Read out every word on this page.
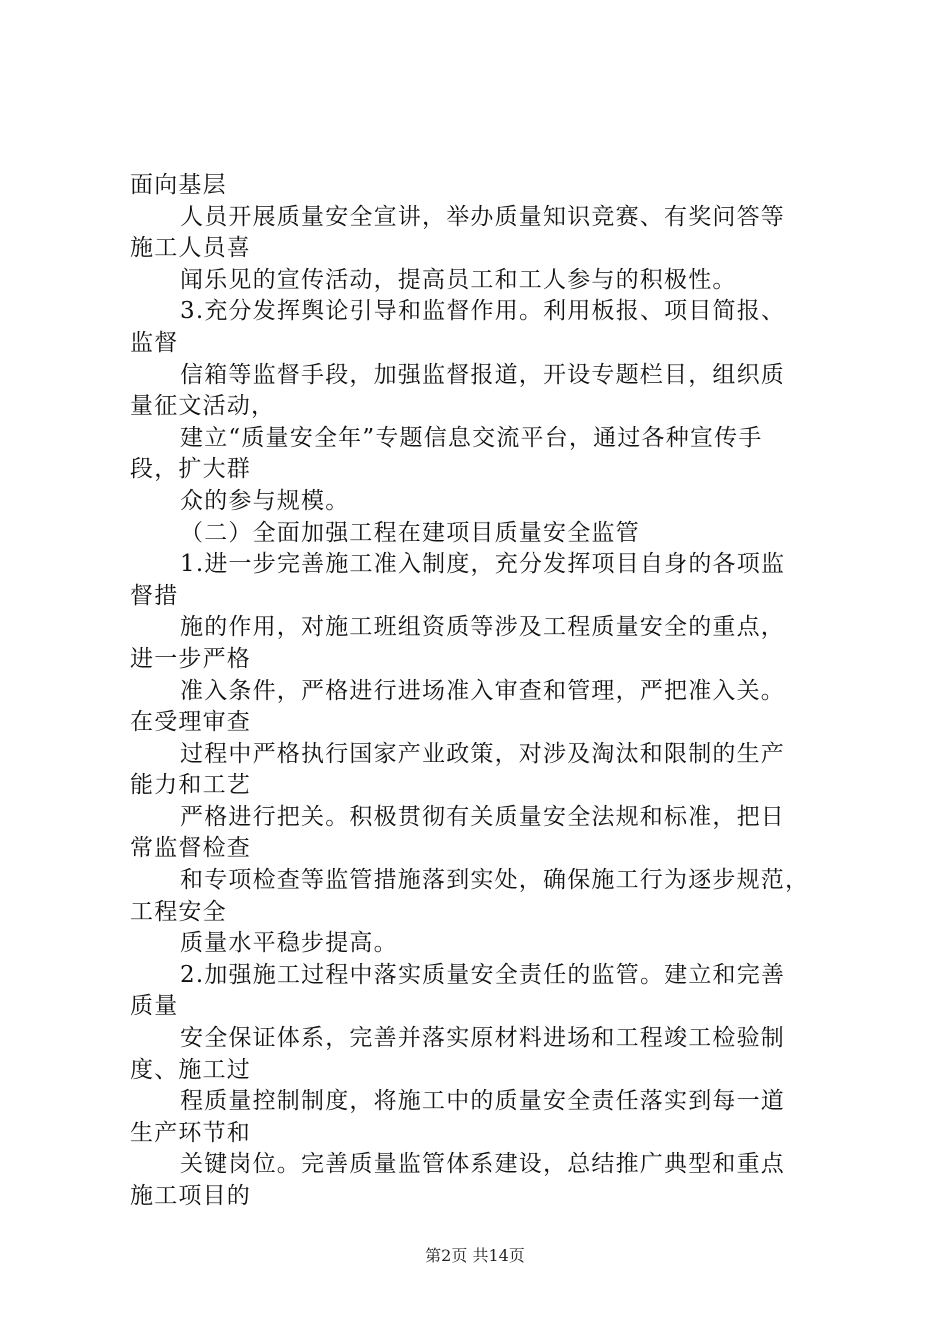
面向基层
人员开展质量安全宣讲，举办质量知识竞赛、有奖问答等
施工人员喜
闻乐见的宣传活动，提高员工和工人参与的积极性。
3.充分发挥舆论引导和监督作用。利用板报、项目简报、
监督
信箱等监督手段，加强监督报道，开设专题栏目，组织质
量征文活动，
建立“质量安全年”专题信息交流平台，通过各种宣传手
段，扩大群
众的参与规模。
（二）全面加强工程在建项目质量安全监管
1.进一步完善施工准入制度，充分发挥项目自身的各项监
督措
施的作用，对施工班组资质等涉及工程质量安全的重点，
进一步严格
准入条件，严格进行进场准入审查和管理，严把准入关。
在受理审查
过程中严格执行国家产业政策，对涉及淘汰和限制的生产
能力和工艺
严格进行把关。积极贯彻有关质量安全法规和标准，把日
常监督检查
和专项检查等监管措施落到实处，确保施工行为逐步规范，
工程安全
质量水平稳步提高。
2.加强施工过程中落实质量安全责任的监管。建立和完善
质量
安全保证体系，完善并落实原材料进场和工程竣工检验制
度、施工过
程质量控制制度，将施工中的质量安全责任落实到每一道
生产环节和
关键岗位。完善质量监管体系建设，总结推广典型和重点
施工项目的
第2页 共14页
